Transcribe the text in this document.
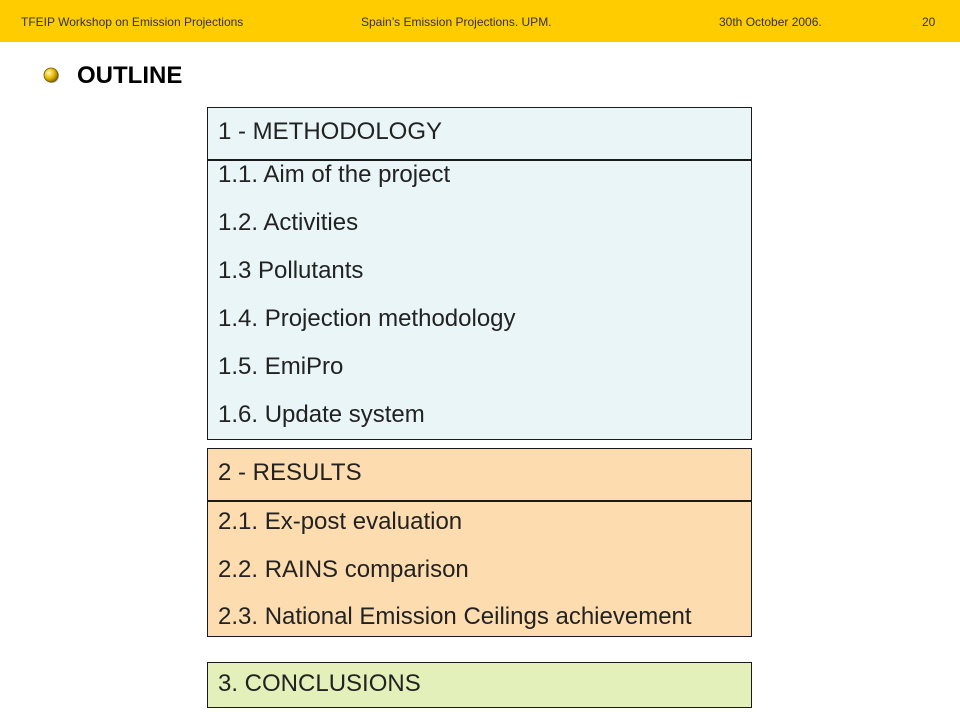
TFEIP Workshop on Emission Projections	Spain’s Emission Projections. UPM.	30th October 2006.	20
OUTLINE
1 - METHODOLOGY
1.1. Aim of the project
1.2. Activities
1.3 Pollutants
1.4. Projection methodology
1.5. EmiPro
1.6. Update system
2 - RESULTS
2.1. Ex-post evaluation
2.2. RAINS comparison
2.3. National Emission Ceilings achievement
3. CONCLUSIONS
